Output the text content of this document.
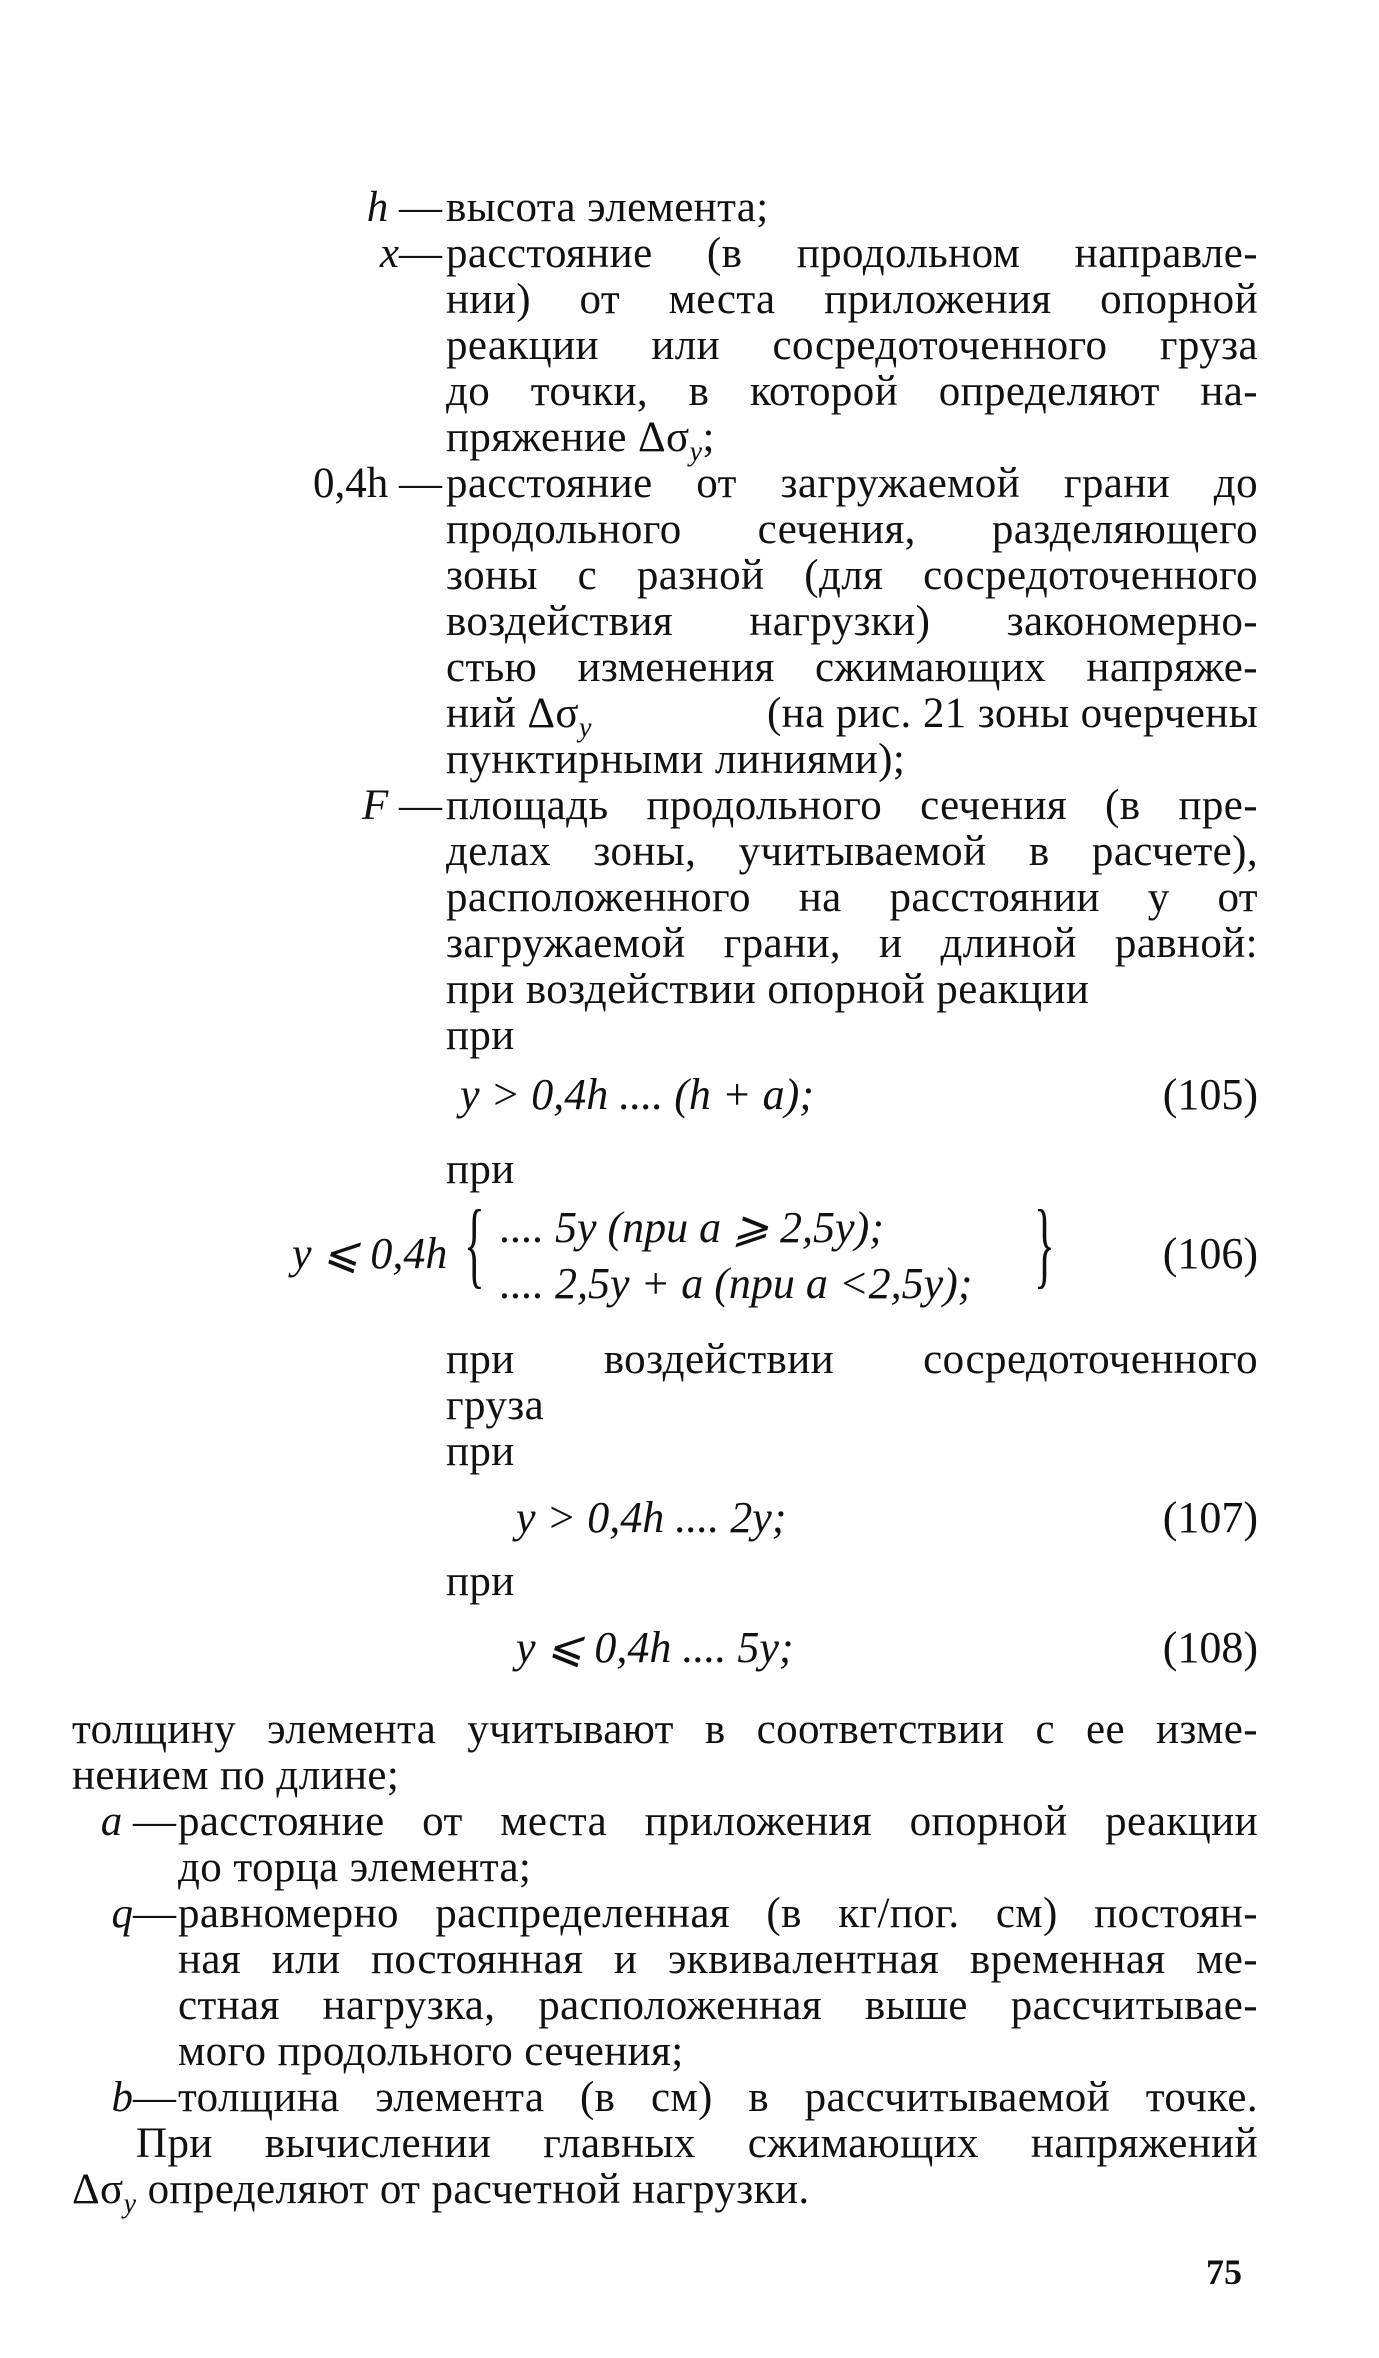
h — высота элемента;
x— расстояние (в продольном направле-
нии) от места приложения опорной
реакции или сосредоточенного груза
до точки, в которой определяют на-
пряжение $\Delta\sigma_y$;
0,4h — расстояние от загружаемой грани до
продольного сечения, разделяющего
зоны с разной (для сосредоточенного
воздействия нагрузки) закономерно-
стью изменения сжимающих напряже-
ний $\Delta\sigma_y$	(на рис. 21 зоны очерчены
пунктирными линиями);
F — площадь продольного сечения (в пре-
делах зоны, учитываемой в расчете),
расположенного на расстоянии y от
загружаемой грани, и длиной равной:
при воздействии опорной реакции
при
y > 0,4h .... (h + a);	(105)
при
y ⩽ 0,4h { .... 5y (при a ⩾ 2,5y);
.... 2,5y + a (при a <2,5y); }	(106)
при воздействии сосредоточенного
груза
при
y > 0,4h .... 2y;	(107)
при
y ⩽ 0,4h .... 5y;	(108)
толщину элемента учитывают в соответствии с ее изме-
нением по длине;
a — расстояние от места приложения опорной реакции
до торца элемента;
q— равномерно распределенная (в кг/пог. см) постоян-
ная или постоянная и эквивалентная временная ме-
стная нагрузка, расположенная выше рассчитывае-
мого продольного сечения;
b— толщина элемента (в см) в рассчитываемой точке.
При вычислении главных сжимающих напряжений
$\Delta\sigma_y$ определяют от расчетной нагрузки.
75
